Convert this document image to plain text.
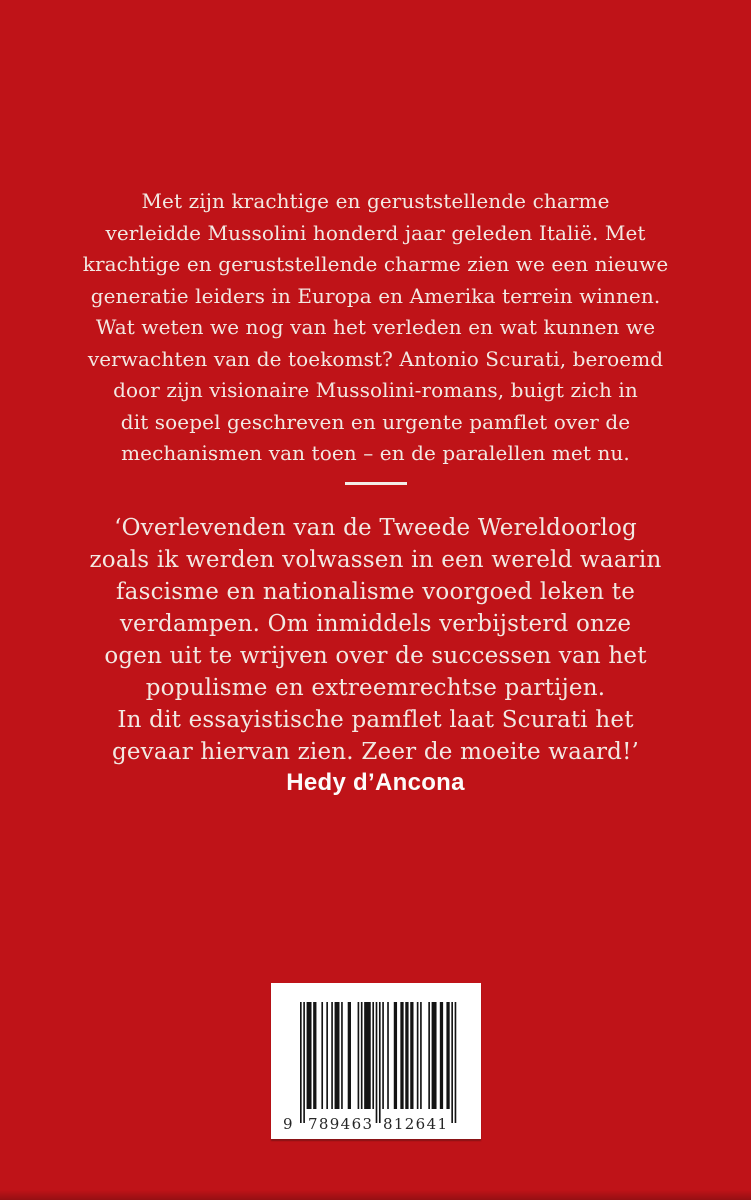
Met zijn krachtige en geruststellende charme
verleidde Mussolini honderd jaar geleden Italië. Met
krachtige en geruststellende charme zien we een nieuwe
generatie leiders in Europa en Amerika terrein winnen.
Wat weten we nog van het verleden en wat kunnen we
verwachten van de toekomst? Antonio Scurati, beroemd
door zijn visionaire Mussolini-romans, buigt zich in
dit soepel geschreven en urgente pamflet over de
mechanismen van toen – en de paralellen met nu.
‘Overlevenden van de Tweede Wereldoorlog
zoals ik werden volwassen in een wereld waarin
fascisme en nationalisme voorgoed leken te
verdampen. Om inmiddels verbijsterd onze
ogen uit te wrijven over de successen van het
populisme en extreemrechtse partijen.
In dit essayistische pamflet laat Scurati het
gevaar hiervan zien. Zeer de moeite waard!’
Hedy d’Ancona
9 7 8 9 4 6 3 8 1 2 6 4 1
